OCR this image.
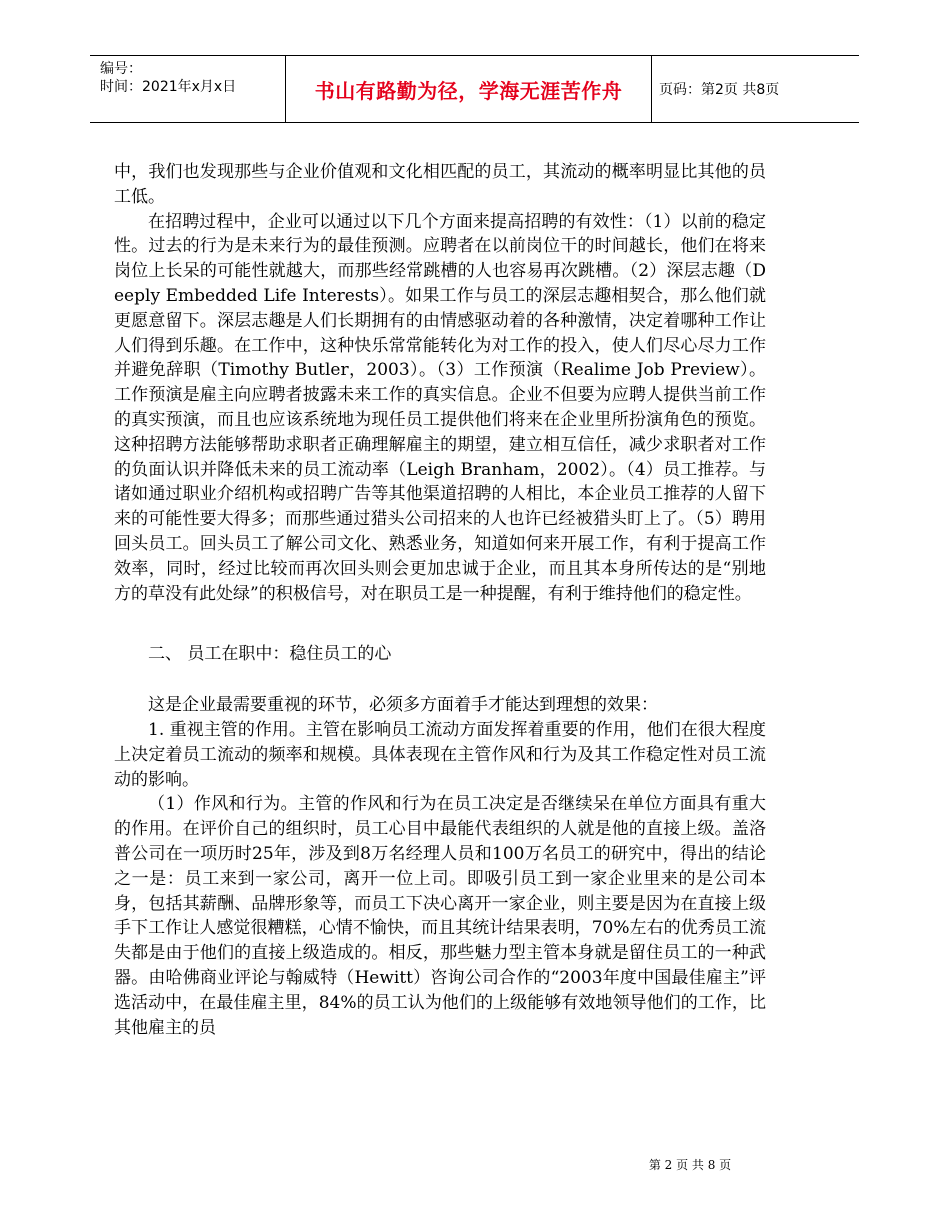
编号：
时间：2021年x月x日	书山有路勤为径，学海无涯苦作舟	页码：第2页 共8页

中，我们也发现那些与企业价值观和文化相匹配的员工，其流动的概率明显比其他的员工低。

在招聘过程中，企业可以通过以下几个方面来提高招聘的有效性：（1）以前的稳定性。过去的行为是未来行为的最佳预测。应聘者在以前岗位干的时间越长，他们在将来岗位上长呆的可能性就越大，而那些经常跳槽的人也容易再次跳槽。（2）深层志趣（Deeply Embedded Life Interests）。如果工作与员工的深层志趣相契合，那么他们就更愿意留下。深层志趣是人们长期拥有的由情感驱动着的各种激情，决定着哪种工作让人们得到乐趣。在工作中，这种快乐常常能转化为对工作的投入，使人们尽心尽力工作并避免辞职（Timothy Butler，2003）。（3）工作预演（Realime Job Preview）。工作预演是雇主向应聘者披露未来工作的真实信息。企业不但要为应聘人提供当前工作的真实预演，而且也应该系统地为现任员工提供他们将来在企业里所扮演角色的预览。这种招聘方法能够帮助求职者正确理解雇主的期望，建立相互信任，减少求职者对工作的负面认识并降低未来的员工流动率（Leigh Branham，2002）。（4）员工推荐。与诸如通过职业介绍机构或招聘广告等其他渠道招聘的人相比，本企业员工推荐的人留下来的可能性要大得多；而那些通过猎头公司招来的人也许已经被猎头盯上了。（5）聘用回头员工。回头员工了解公司文化、熟悉业务，知道如何来开展工作，有利于提高工作效率，同时，经过比较而再次回头则会更加忠诚于企业，而且其本身所传达的是“别地方的草没有此处绿”的积极信号，对在职员工是一种提醒，有利于维持他们的稳定性。

二、 员工在职中：稳住员工的心

这是企业最需要重视的环节，必须多方面着手才能达到理想的效果：

1. 重视主管的作用。主管在影响员工流动方面发挥着重要的作用，他们在很大程度上决定着员工流动的频率和规模。具体表现在主管作风和行为及其工作稳定性对员工流动的影响。

（1）作风和行为。主管的作风和行为在员工决定是否继续呆在单位方面具有重大的作用。在评价自己的组织时，员工心目中最能代表组织的人就是他的直接上级。盖洛普公司在一项历时25年，涉及到8万名经理人员和100万名员工的研究中，得出的结论之一是：员工来到一家公司，离开一位上司。即吸引员工到一家企业里来的是公司本身，包括其薪酬、品牌形象等，而员工下决心离开一家企业，则主要是因为在直接上级手下工作让人感觉很糟糕，心情不愉快，而且其统计结果表明，70%左右的优秀员工流失都是由于他们的直接上级造成的。相反，那些魅力型主管本身就是留住员工的一种武器。由哈佛商业评论与翰威特（Hewitt）咨询公司合作的“2003年度中国最佳雇主”评选活动中，在最佳雇主里，84%的员工认为他们的上级能够有效地领导他们的工作，比其他雇主的员

第 2 页 共 8 页
